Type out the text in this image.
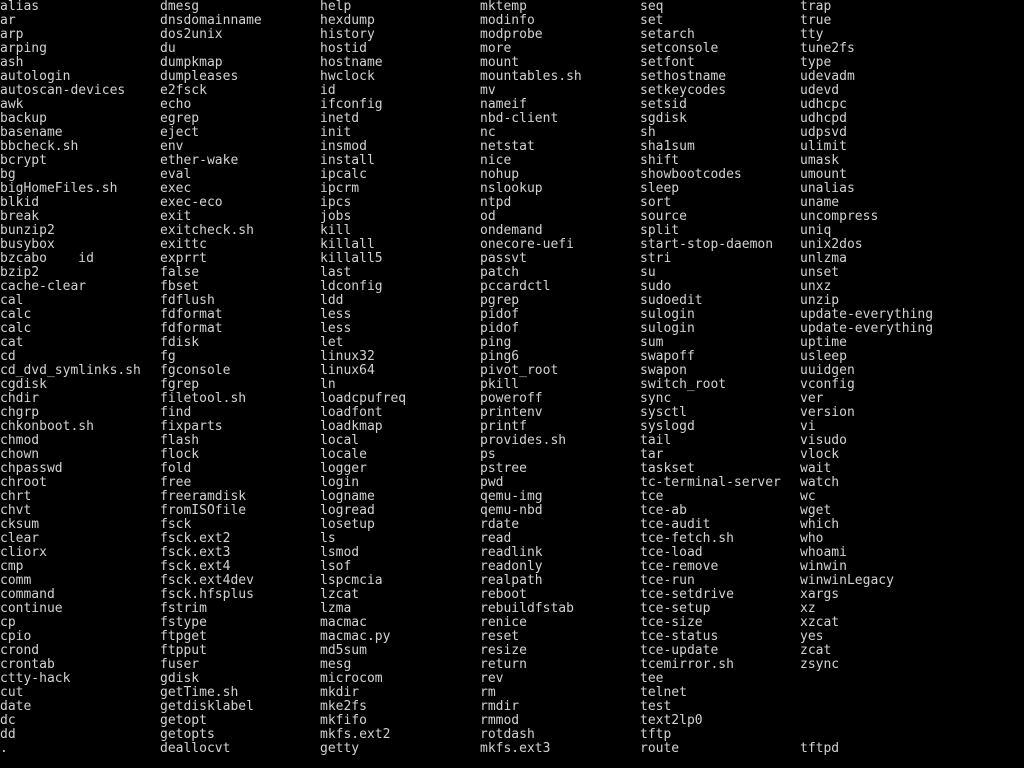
alias
ar
arp
arping
ash
autologin
autoscan-devices
awk
backup
basename
bbcheck.sh
bcrypt
bg
bigHomeFiles.sh
blkid
break
bunzip2
busybox
bzcabo    id
bzip2
cache-clear
cal
calc
calc
cat
cd
cd_dvd_symlinks.sh
cgdisk
chdir
chgrp
chkonboot.sh
chmod
chown
chpasswd
chroot
chrt
chvt
cksum
clear
cliorx
cmp
comm
command
continue
cp
cpio
crond
crontab
ctty-hack
cut
date
dc
dd
.
dmesg
dnsdomainname
dos2unix
du
dumpkmap
dumpleases
e2fsck
echo
egrep
eject
env
ether-wake
eval
exec
exec-eco
exit
exitcheck.sh
exittc
exprrt
false
fbset
fdflush
fdformat
fdformat
fdisk
fg
fgconsole
fgrep
filetool.sh
find
fixparts
flash
flock
fold
free
freeramdisk
fromISOfile
fsck
fsck.ext2
fsck.ext3
fsck.ext4
fsck.ext4dev
fsck.hfsplus
fstrim
fstype
ftpget
ftpput
fuser
gdisk
getTime.sh
getdisklabel
getopt
getopts
deallocvt
help
hexdump
history
hostid
hostname
hwclock
id
ifconfig
inetd
init
insmod
install
ipcalc
ipcrm
ipcs
jobs
kill
killall
killall5
last
ldconfig
ldd
less
less
let
linux32
linux64
ln
loadcpufreq
loadfont
loadkmap
local
locale
logger
login
logname
logread
losetup
ls
lsmod
lsof
lspcmcia
lzcat
lzma
macmac
macmac.py
md5sum
mesg
microcom
mkdir
mke2fs
mkfifo
mkfs.ext2
getty
mktemp
modinfo
modprobe
more
mount
mountables.sh
mv
nameif
nbd-client
nc
netstat
nice
nohup
nslookup
ntpd
od
ondemand
onecore-uefi
passvt
patch
pccardctl
pgrep
pidof
pidof
ping
ping6
pivot_root
pkill
poweroff
printenv
printf
provides.sh
ps
pstree
pwd
qemu-img
qemu-nbd
rdate
read
readlink
readonly
realpath
reboot
rebuildfstab
renice
reset
resize
return
rev
rm
rmdir
rmmod
rotdash
mkfs.ext3
seq
set
setarch
setconsole
setfont
sethostname
setkeycodes
setsid
sgdisk
sh
sha1sum
shift
showbootcodes
sleep
sort
source
split
start-stop-daemon
stri
su
sudo
sudoedit
sulogin
sulogin
sum
swapoff
swapon
switch_root
sync
sysctl
syslogd
tail
tar
taskset
tc-terminal-server
tce
tce-ab
tce-audit
tce-fetch.sh
tce-load
tce-remove
tce-run
tce-setdrive
tce-setup
tce-size
tce-status
tce-update
tcemirror.sh
tee
telnet
test
text2lp0
tftp
route
trap
true
tty
tune2fs
type
udevadm
udevd
udhcpc
udhcpd
udpsvd
ulimit
umask
umount
unalias
uname
uncompress
uniq
unix2dos
unlzma
unset
unxz
unzip
update-everything
update-everything
uptime
usleep
uuidgen
vconfig
ver
version
vi
visudo
vlock
wait
watch
wc
wget
which
who
whoami
winwin
winwinLegacy
xargs
xz
xzcat
yes
zcat
zsync
tftpd
